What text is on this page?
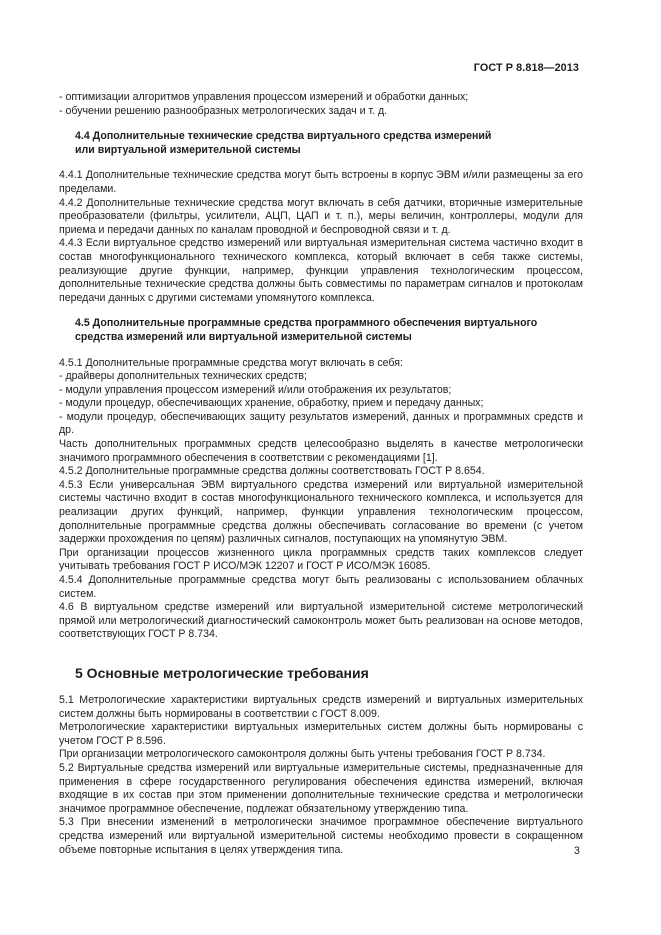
ГОСТ Р 8.818—2013

- оптимизации алгоритмов управления процессом измерений и обработки данных;

- обучении решению разнообразных метрологических задач и т. д.

4.4 Дополнительные технические средства виртуального средства измерений
или виртуальной измерительной системы

4.4.1 Дополнительные технические средства могут быть встроены в корпус ЭВМ и/или размещены за его пределами.

4.4.2 Дополнительные технические средства могут включать в себя датчики, вторичные измерительные преобразователи (фильтры, усилители, АЦП, ЦАП и т. п.), меры величин, контроллеры, модули для приема и передачи данных по каналам проводной и беспроводной связи и т. д.

4.4.3 Если виртуальное средство измерений или виртуальная измерительная система частично входит в состав многофункционального технического комплекса, который включает в себя также системы, реализующие другие функции, например, функции управления технологическим процессом, дополнительные технические средства должны быть совместимы по параметрам сигналов и протоколам передачи данных с другими системами упомянутого комплекса.

4.5 Дополнительные программные средства программного обеспечения виртуального
средства измерений или виртуальной измерительной системы

4.5.1 Дополнительные программные средства могут включать в себя:

- драйверы дополнительных технических средств;

- модули управления процессом измерений и/или отображения их результатов;

- модули процедур, обеспечивающих хранение, обработку, прием и передачу данных;

- модули процедур, обеспечивающих защиту результатов измерений, данных и программных средств и др.

Часть дополнительных программных средств целесообразно выделять в качестве метрологически значимого программного обеспечения в соответствии с рекомендациями [1].

4.5.2 Дополнительные программные средства должны соответствовать ГОСТ Р 8.654.

4.5.3 Если универсальная ЭВМ виртуального средства измерений или виртуальной измерительной системы частично входит в состав многофункционального технического комплекса, и используется для реализации других функций, например, функции управления технологическим процессом, дополнительные программные средства должны обеспечивать согласование во времени (с учетом задержки прохождения по цепям) различных сигналов, поступающих на упомянутую ЭВМ.

При организации процессов жизненного цикла программных средств таких комплексов следует учитывать требования ГОСТ Р ИСО/МЭК 12207 и ГОСТ Р ИСО/МЭК 16085.

4.5.4 Дополнительные программные средства могут быть реализованы с использованием облачных систем.

4.6 В виртуальном средстве измерений или виртуальной измерительной системе метрологический прямой или метрологический диагностический самоконтроль может быть реализован на основе методов, соответствующих ГОСТ Р 8.734.

5 Основные метрологические требования

5.1 Метрологические характеристики виртуальных средств измерений и виртуальных измерительных систем должны быть нормированы в соответствии с ГОСТ 8.009.

Метрологические характеристики виртуальных измерительных систем должны быть нормированы с учетом ГОСТ Р 8.596.

При организации метрологического самоконтроля должны быть учтены требования ГОСТ Р 8.734.

5.2 Виртуальные средства измерений или виртуальные измерительные системы, предназначенные для применения в сфере государственного регулирования обеспечения единства измерений, включая входящие в их состав при этом применении дополнительные технические средства и метрологически значимое программное обеспечение, подлежат обязательному утверждению типа.

5.3 При внесении изменений в метрологически значимое программное обеспечение виртуального средства измерений или виртуальной измерительной системы необходимо провести в сокращенном объеме повторные испытания в целях утверждения типа.	3
